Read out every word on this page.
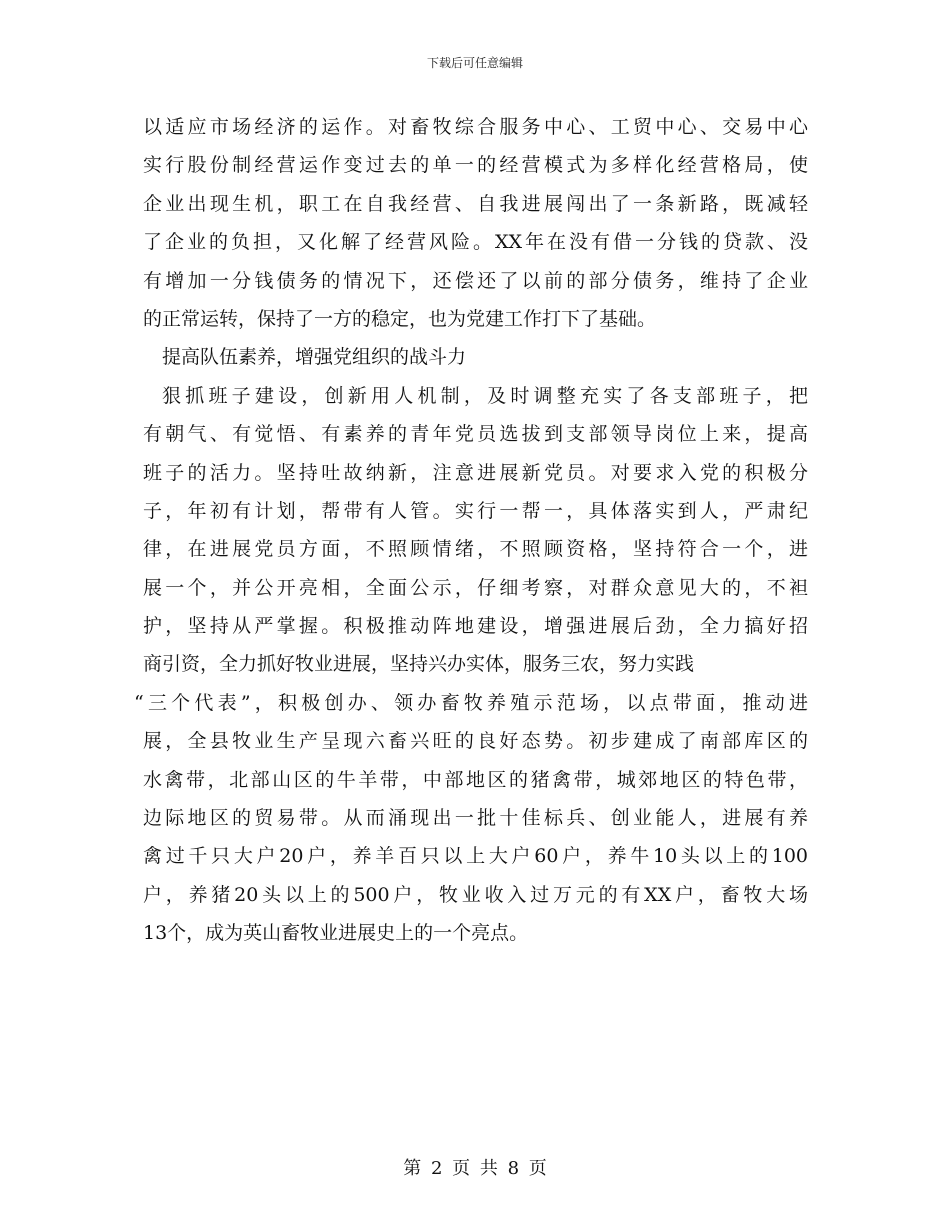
下载后可任意编辑
以适应市场经济的运作。对畜牧综合服务中心、工贸中心、交易中心
实行股份制经营运作变过去的单一的经营模式为多样化经营格局，使
企业出现生机，职工在自我经营、自我进展闯出了一条新路，既减轻
了企业的负担，又化解了经营风险。XX年在没有借一分钱的贷款、没
有增加一分钱债务的情况下，还偿还了以前的部分债务，维持了企业
的正常运转，保持了一方的稳定，也为党建工作打下了基础。
提高队伍素养，增强党组织的战斗力
狠抓班子建设，创新用人机制，及时调整充实了各支部班子，把
有朝气、有觉悟、有素养的青年党员选拔到支部领导岗位上来，提高
班子的活力。坚持吐故纳新，注意进展新党员。对要求入党的积极分
子，年初有计划，帮带有人管。实行一帮一，具体落实到人，严肃纪
律，在进展党员方面，不照顾情绪，不照顾资格，坚持符合一个，进
展一个，并公开亮相，全面公示，仔细考察，对群众意见大的，不袒
护，坚持从严掌握。积极推动阵地建设，增强进展后劲，全力搞好招
商引资，全力抓好牧业进展，坚持兴办实体，服务三农，努力实践
“三个代表”，积极创办、领办畜牧养殖示范场，以点带面，推动进
展，全县牧业生产呈现六畜兴旺的良好态势。初步建成了南部库区的
水禽带，北部山区的牛羊带，中部地区的猪禽带，城郊地区的特色带，
边际地区的贸易带。从而涌现出一批十佳标兵、创业能人，进展有养
禽过千只大户20户，养羊百只以上大户60户，养牛10头以上的100
户，养猪20头以上的500户，牧业收入过万元的有XX户，畜牧大场
13个，成为英山畜牧业进展史上的一个亮点。
第 2 页 共 8 页
